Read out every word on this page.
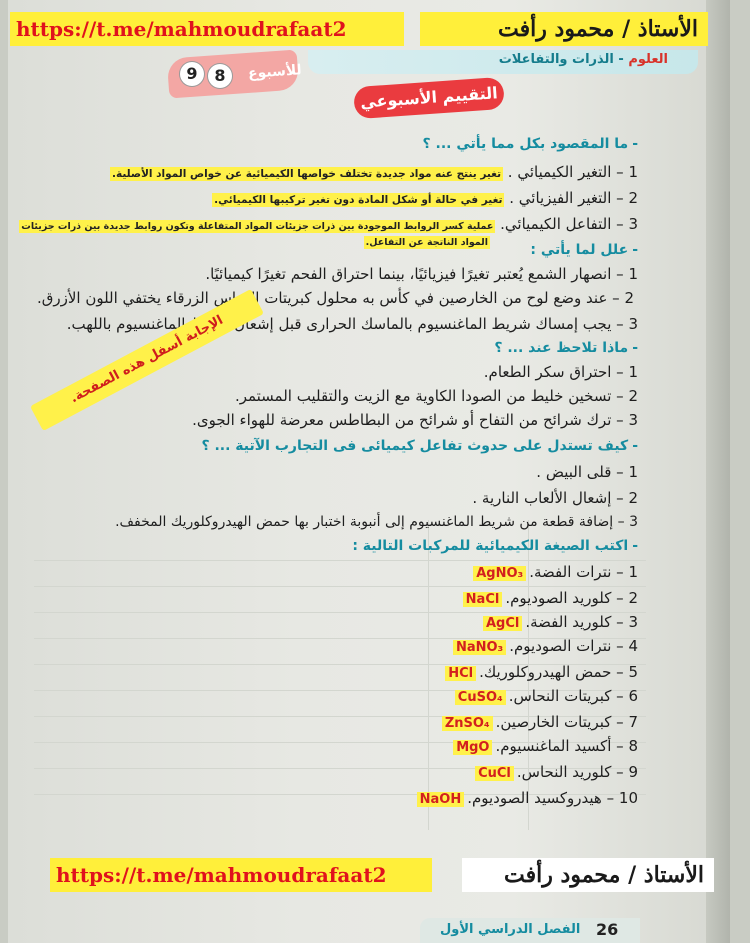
العلوم - الذرات والتفاعلات
للأسبوع
8
9
التقييم الأسبوعي
https://t.me/mahmoudrafaat2	الأستاذ / محمود رأفت
-ما المقصود بكل مما يأتي ... ؟
1 – التغير الكيميائي . تغير ينتج عنه مواد جديدة تختلف خواصها الكيميائية عن خواص المواد الأصلية.
2 – التغير الفيزيائي . تغير في حالة أو شكل المادة دون تغير تركيبها الكيميائي.
3 – التفاعل الكيميائي. عملية كسر الروابط الموجودة بين ذرات جزيئات المواد المتفاعلة وتكون روابط جديدة بين ذرات جزيئات
المواد الناتجة عن التفاعل.	-علل لما يأتي :
1 – انصهار الشمع يُعتبر تغيرًا فيزيائيًا، بينما احتراق الفحم تغيرًا كيميائيًا.
2 – عند وضع لوح من الخارصين في كأس به محلول كبريتات النحاس الزرقاء يختفي اللون الأزرق.
3 – يجب إمساك شريط الماغنسيوم بالماسك الحرارى قبل إشعال شريط الماغنسيوم باللهب.
-ماذا تلاحظ عند ... ؟
1 – احتراق سكر الطعام.
2 – تسخين خليط من الصودا الكاوية مع الزيت والتقليب المستمر.
3 – ترك شرائح من التفاح أو شرائح من البطاطس معرضة للهواء الجوى.
-كيف تستدل على حدوث تفاعل كيميائى فى التجارب الآتية ... ؟
1 – قلى البيض .
2 – إشعال الألعاب النارية .
3 – إضافة قطعة من شريط الماغنسيوم إلى أنبوبة اختبار بها حمض الهيدروكلوريك المخفف.
-اكتب الصيغة الكيميائية للمركبات التالية :
1 – نترات الفضة.AgNO₃
2 – كلوريد الصوديوم.NaCl
3 – كلوريد الفضة.AgCl
4 – نترات الصوديوم.NaNO₃
5 – حمض الهيدروكلوريك.HCl
6 – كبريتات النحاس.CuSO₄
7 – كبريتات الخارصين.ZnSO₄
8 – أكسيد الماغنسيوم.MgO
9 – كلوريد النحاس.CuCl
10 – هيدروكسيد الصوديوم.NaOH
الإجابة أسفل هذه الصفحة.
https://t.me/mahmoudrafaat2	الأستاذ / محمود رأفت
الفصل الدراسي الأول 26
